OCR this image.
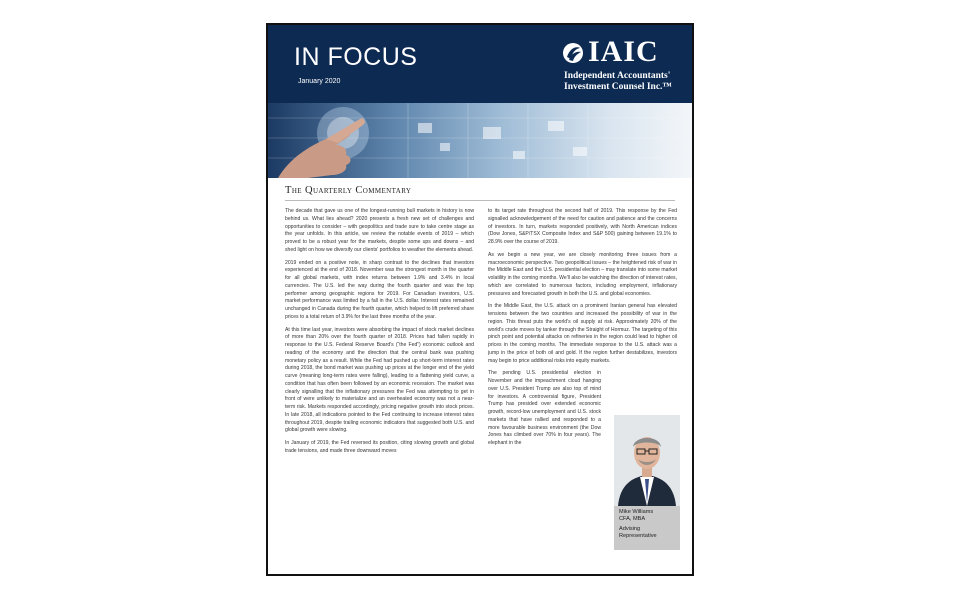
IN FOCUS
January 2020
IAIC
Independent Accountants'
Investment Counsel Inc.™
The Quarterly Commentary

The decade that gave us one of the longest-running bull markets in history is now behind us. What lies ahead? 2020 presents a fresh new set of challenges and opportunities to consider – with geopolitics and trade sure to take centre stage as the year unfolds. In this article, we review the notable events of 2019 – which proved to be a robust year for the markets, despite some ups and downs – and shed light on how we diversify our clients' portfolios to weather the elements ahead.

2019 ended on a positive note, in sharp contrast to the declines that investors experienced at the end of 2018. November was the strongest month in the quarter for all global markets, with index returns between 1.9% and 3.4% in local currencies. The U.S. led the way during the fourth quarter and was the top performer among geographic regions for 2019. For Canadian investors, U.S. market performance was limited by a fall in the U.S. dollar. Interest rates remained unchanged in Canada during the fourth quarter, which helped to lift preferred share prices to a total return of 3.9% for the last three months of the year.

At this time last year, investors were absorbing the impact of stock market declines of more than 20% over the fourth quarter of 2018. Prices had fallen rapidly in response to the U.S. Federal Reserve Board's (“the Fed”) economic outlook and reading of the economy and the direction that the central bank was pushing monetary policy as a result. While the Fed had pushed up short-term interest rates during 2018, the bond market was pushing up prices at the longer end of the yield curve (meaning long-term rates were falling), leading to a flattening yield curve, a condition that has often been followed by an economic recession. The market was clearly signalling that the inflationary pressures the Fed was attempting to get in front of were unlikely to materialize and an overheated economy was not a near-term risk. Markets responded accordingly, pricing negative growth into stock prices. In late 2018, all indications pointed to the Fed continuing to increase interest rates throughout 2019, despite trailing economic indicators that suggested both U.S. and global growth were slowing.

In January of 2019, the Fed reversed its position, citing slowing growth and global trade tensions, and made three downward moves

to its target rate throughout the second half of 2019. This response by the Fed signalled acknowledgement of the need for caution and patience and the concerns of investors. In turn, markets responded positively, with North American indices (Dow Jones, S&P/TSX Composite Index and S&P 500) gaining between 19.1% to 28.9% over the course of 2019.

As we begin a new year, we are closely monitoring three issues from a macroeconomic perspective. Two geopolitical issues – the heightened risk of war in the Middle East and the U.S. presidential election – may translate into some market volatility in the coming months. We'll also be watching the direction of interest rates, which are correlated to numerous factors, including employment, inflationary pressures and forecasted growth in both the U.S. and global economies.

In the Middle East, the U.S. attack on a prominent Iranian general has elevated tensions between the two countries and increased the possibility of war in the region. This threat puts the world's oil supply at risk. Approximately 20% of the world's crude moves by tanker through the Straight of Hormuz. The targeting of this pinch point and potential attacks on refineries in the region could lead to higher oil prices in the coming months. The immediate response to the U.S. attack was a jump in the price of both oil and gold. If the region further destabilizes, investors may begin to price additional risks into equity markets.

The pending U.S. presidential election in November and the impeachment cloud hanging over U.S. President Trump are also top of mind for investors. A controversial figure, President Trump has presided over extended economic growth, record-low unemployment and U.S. stock markets that have rallied and responded to a more favourable business environment (the Dow Jones has climbed over 70% in four years). The elephant in the

Mike Williams
CFA, MBA

Advising Representative
